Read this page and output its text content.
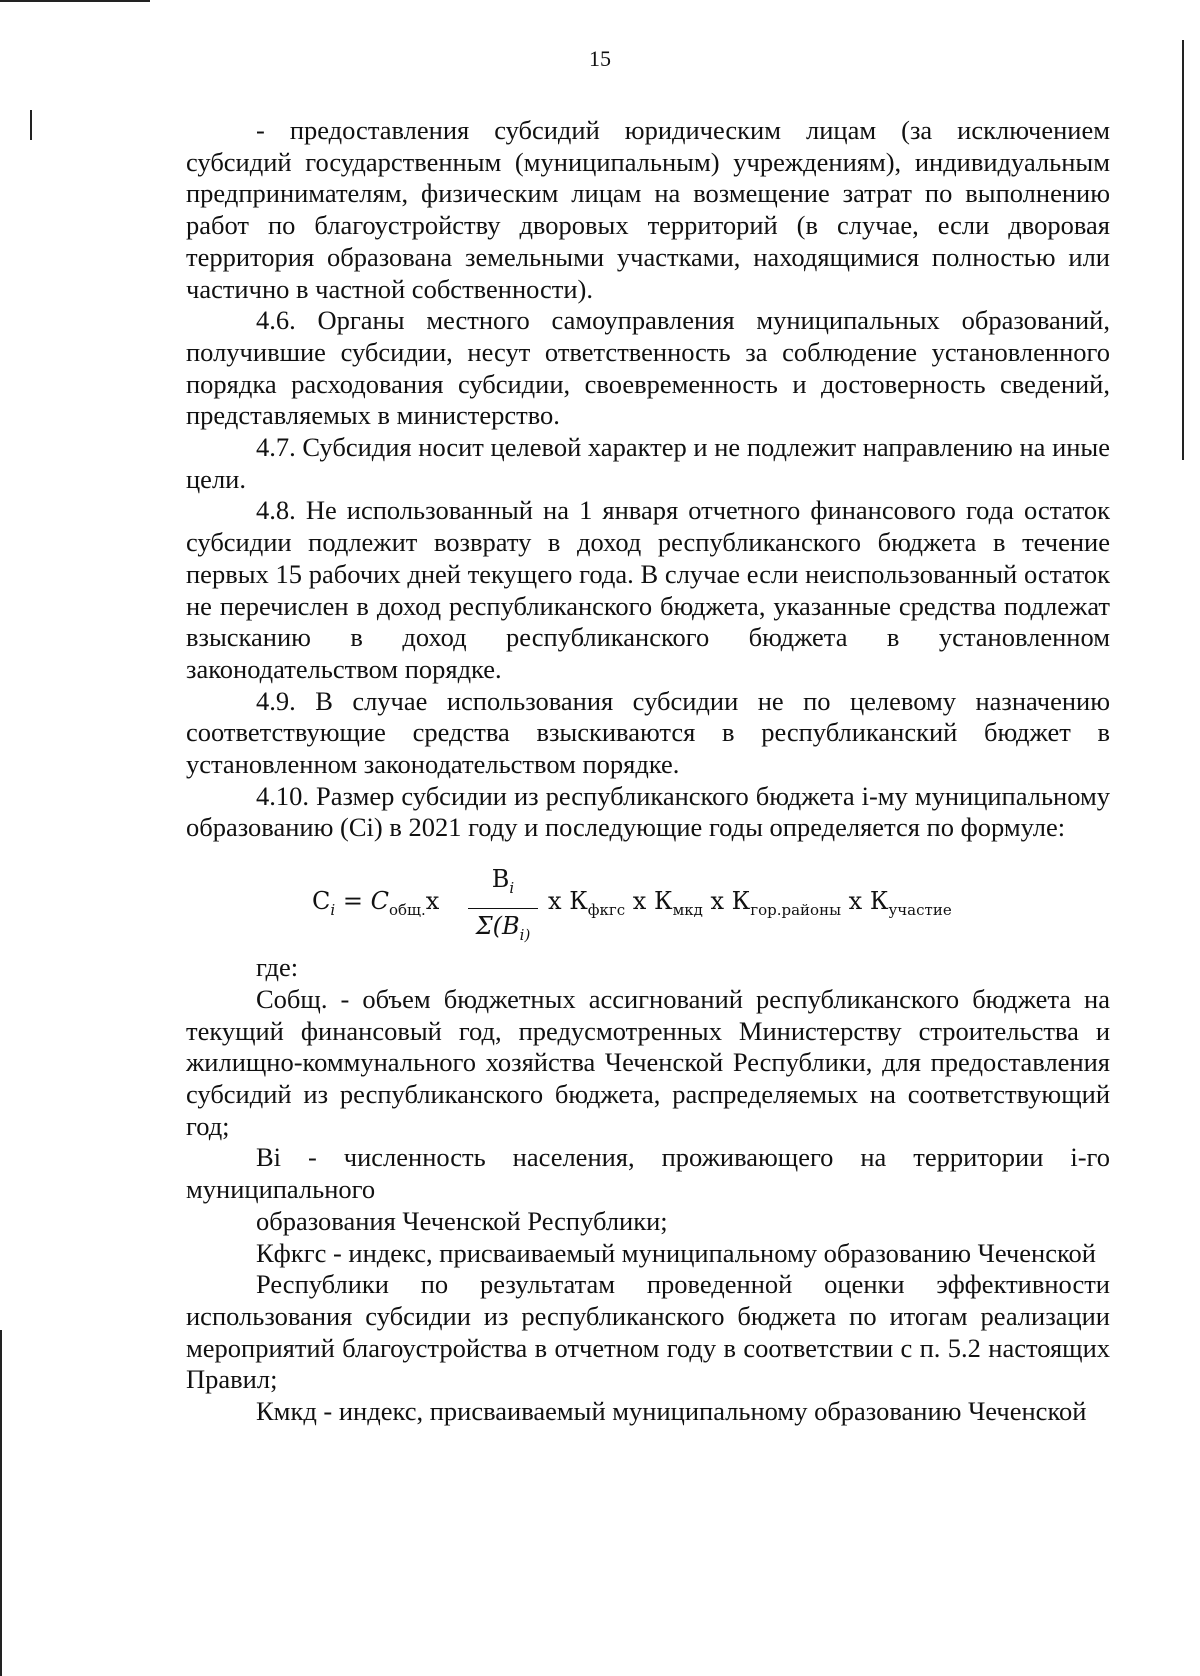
15

- предоставления субсидий юридическим лицам (за исключением субсидий государственным (муниципальным) учреждениям), индивидуальным предпринимателям, физическим лицам на возмещение затрат по выполнению работ по благоустройству дворовых территорий (в случае, если дворовая территория образована земельными участками, находящимися полностью или частично в частной собственности).

4.6. Органы местного самоуправления муниципальных образований, получившие субсидии, несут ответственность за соблюдение установленного порядка расходования субсидии, своевременность и достоверность сведений, представляемых в министерство.

4.7. Субсидия носит целевой характер и не подлежит направлению на иные цели.

4.8. Не использованный на 1 января отчетного финансового года остаток субсидии подлежит возврату в доход республиканского бюджета в течение первых 15 рабочих дней текущего года. В случае если неиспользованный остаток не перечислен в доход республиканского бюджета, указанные средства подлежат взысканию в доход республиканского бюджета в установленном законодательством порядке.

4.9. В случае использования субсидии не по целевому назначению соответствующие средства взыскиваются в республиканский бюджет в установленном законодательством порядке.

4.10. Размер субсидии из республиканского бюджета i-му муниципальному образованию (Ci) в 2021 году и последующие годы определяется по формуле:

$C_i = C_{общ.}x \frac{B_i}{\Sigma(B_{i)}}$ x $К_{фкгс}$ x $К_{мкд}$ x $К_{гор.районы}$ x $К_{участие}$

где:

Cобщ. - объем бюджетных ассигнований республиканского бюджета на текущий финансовый год, предусмотренных Министерству строительства и жилищно-коммунального хозяйства Чеченской Республики, для предоставления субсидий из республиканского бюджета, распределяемых на соответствующий год;

Bi - численность населения, проживающего на территории i-го муниципального

образования Чеченской Республики;

Кфкгс - индекс, присваиваемый муниципальному образованию Чеченской

Республики по результатам проведенной оценки эффективности использования субсидии из республиканского бюджета по итогам реализации мероприятий благоустройства в отчетном году в соответствии с п. 5.2 настоящих Правил;

Кмкд - индекс, присваиваемый муниципальному образованию Чеченской
